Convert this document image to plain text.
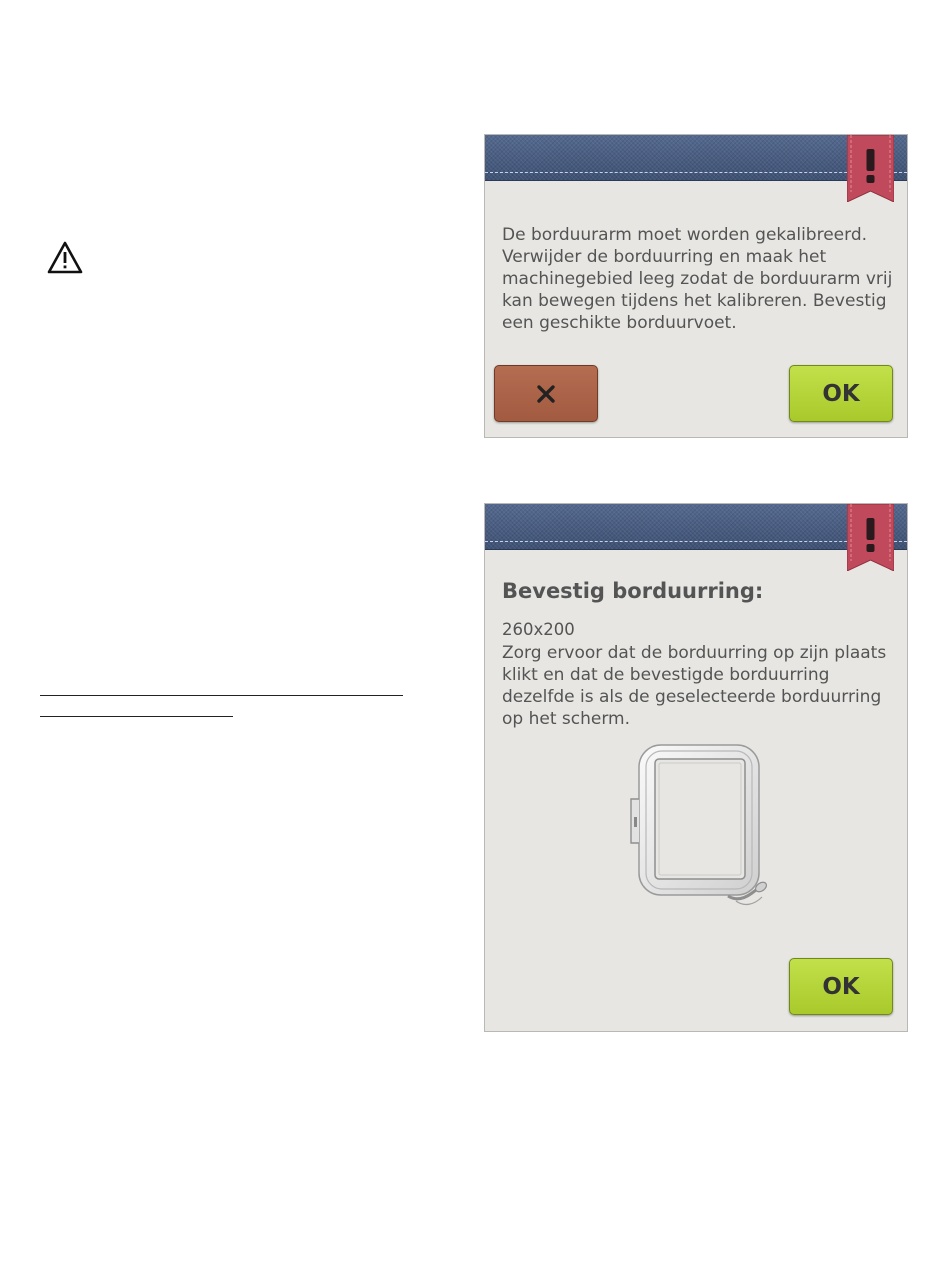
De borduurarm moet worden gekalibreerd. Verwijder de borduurring en maak het machinegebied leeg zodat de borduurarm vrij kan bewegen tijdens het kalibreren. Bevestig een geschikte borduurvoet.

OK

Bevestig borduurring:

260x200

Zorg ervoor dat de borduurring op zijn plaats klikt en dat de bevestigde borduurring dezelfde is als de geselecteerde borduurring op het scherm.

OK
